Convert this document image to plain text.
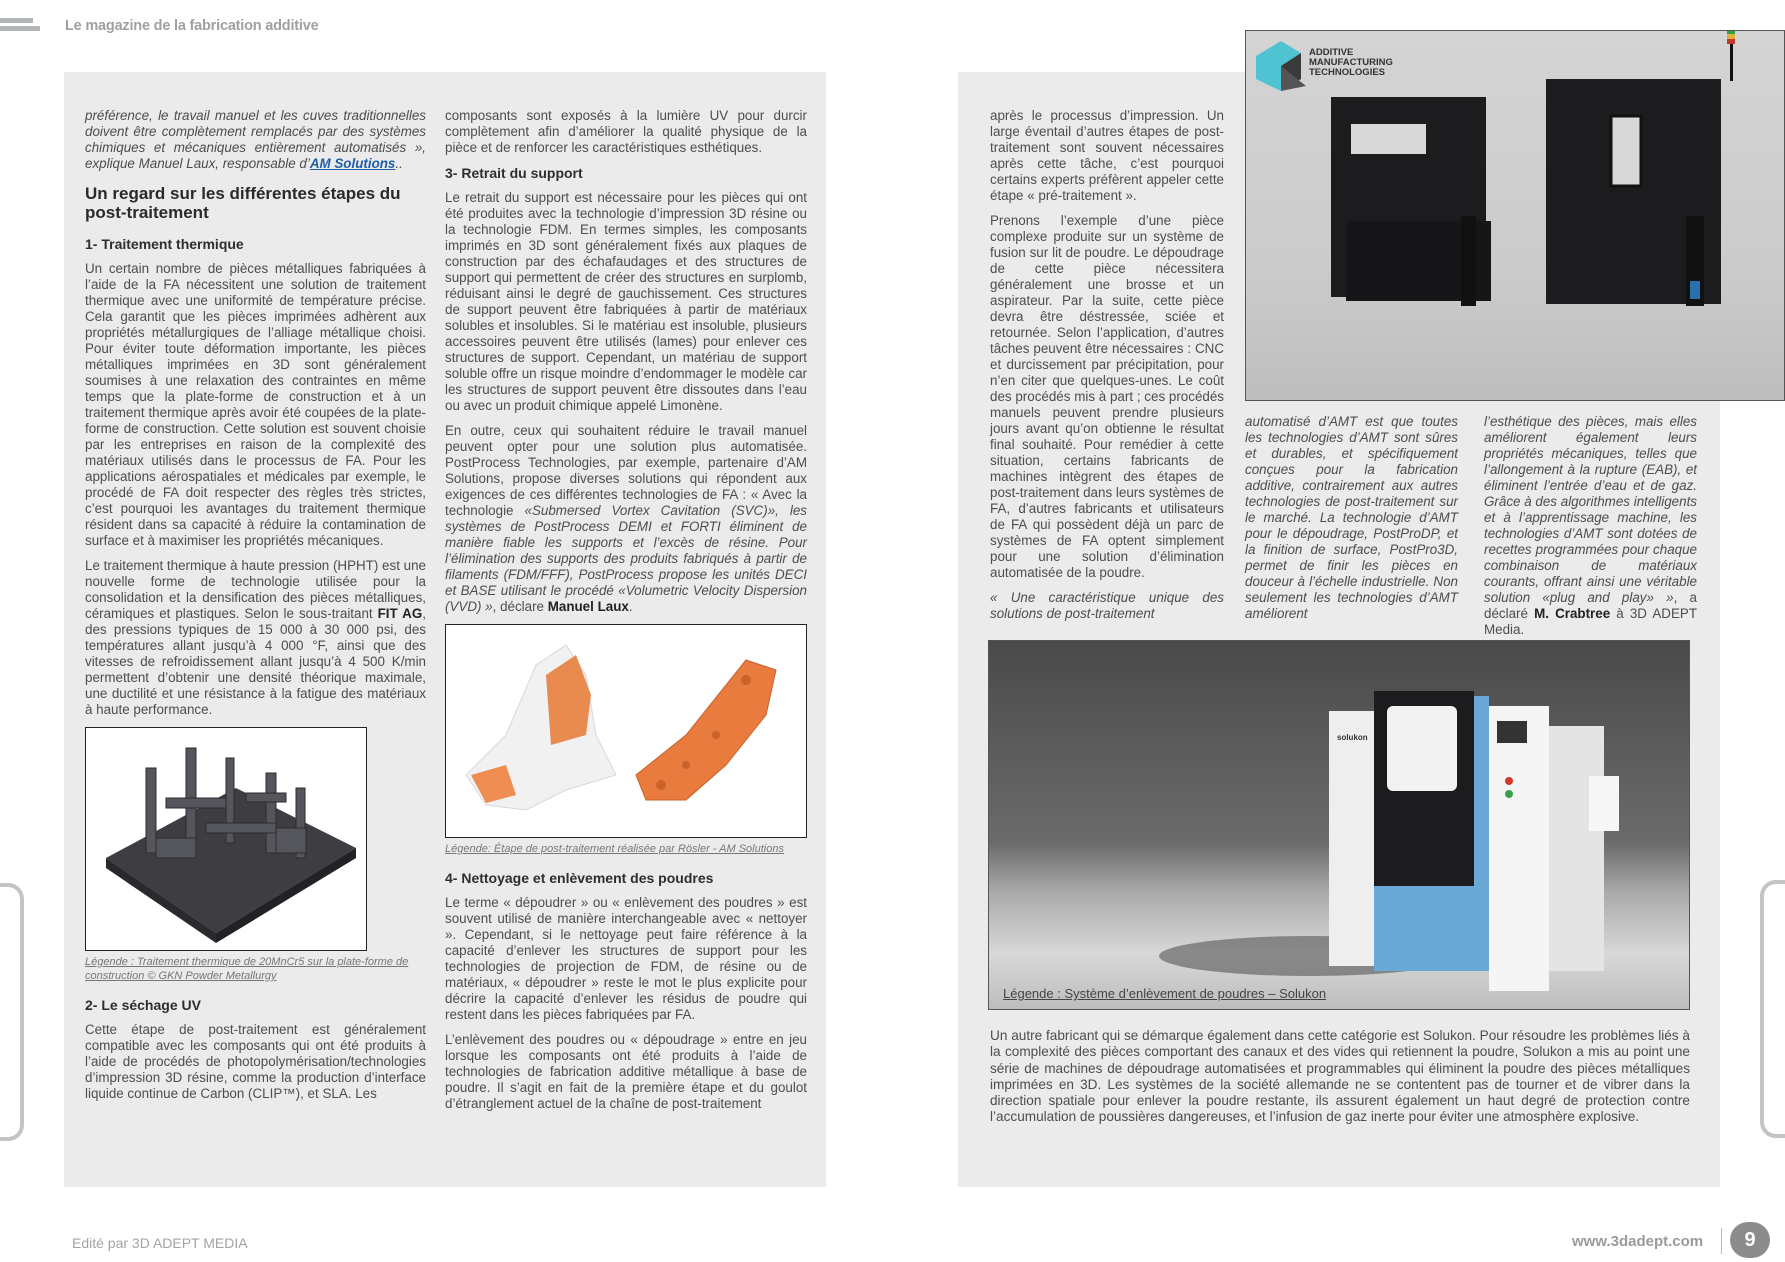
Le magazine de la fabrication additive

préférence, le travail manuel et les cuves traditionnelles doivent être complètement remplacés par des systèmes chimiques et mécaniques entièrement automatisés », explique Manuel Laux, responsable d’AM Solutions..

Un regard sur les différentes étapes du post-traitement
1- Traitement thermique

Un certain nombre de pièces métalliques fabriquées à l’aide de la FA nécessitent une solution de traitement thermique avec une uniformité de température précise. Cela garantit que les pièces imprimées adhèrent aux propriétés métallurgiques de l’alliage métallique choisi. Pour éviter toute déformation importante, les pièces métalliques imprimées en 3D sont généralement soumises à une relaxation des contraintes en même temps que la plate-forme de construction et à un traitement thermique après avoir été coupées de la plate-forme de construction. Cette solution est souvent choisie par les entreprises en raison de la complexité des matériaux utilisés dans le processus de FA. Pour les applications aérospatiales et médicales par exemple, le procédé de FA doit respecter des règles très strictes, c’est pourquoi les avantages du traitement thermique résident dans sa capacité à réduire la contamination de surface et à maximiser les propriétés mécaniques.

Le traitement thermique à haute pression (HPHT) est une nouvelle forme de technologie utilisée pour la consolidation et la densification des pièces métalliques, céramiques et plastiques. Selon le sous-traitant FIT AG, des pressions typiques de 15 000 à 30 000 psi, des températures allant jusqu’à 4 000 °F, ainsi que des vitesses de refroidissement allant jusqu’à 4 500 K/min permettent d’obtenir une densité théorique maximale, une ductilité et une résistance à la fatigue des matériaux à haute performance.

Légende : Traitement thermique de 20MnCr5 sur la plate-forme de construction © GKN Powder Metallurgy
2- Le séchage UV

Cette étape de post-traitement est généralement compatible avec les composants qui ont été produits à l’aide de procédés de photopolymérisation/technologies d’impression 3D résine, comme la production d’interface liquide continue de Carbon (CLIP™), et SLA. Les

composants sont exposés à la lumière UV pour durcir complètement afin d’améliorer la qualité physique de la pièce et de renforcer les caractéristiques esthétiques.

3- Retrait du support

Le retrait du support est nécessaire pour les pièces qui ont été produites avec la technologie d’impression 3D résine ou la technologie FDM. En termes simples, les composants imprimés en 3D sont généralement fixés aux plaques de construction par des échafaudages et des structures de support qui permettent de créer des structures en surplomb, réduisant ainsi le degré de gauchissement. Ces structures de support peuvent être fabriquées à partir de matériaux solubles et insolubles. Si le matériau est insoluble, plusieurs accessoires peuvent être utilisés (lames) pour enlever ces structures de support. Cependant, un matériau de support soluble offre un risque moindre d’endommager le modèle car les structures de support peuvent être dissoutes dans l’eau ou avec un produit chimique appelé Limonène.

En outre, ceux qui souhaitent réduire le travail manuel peuvent opter pour une solution plus automatisée. PostProcess Technologies, par exemple, partenaire d’AM Solutions, propose diverses solutions qui répondent aux exigences de ces différentes technologies de FA : « Avec la technologie «Submersed Vortex Cavitation (SVC)», les systèmes de PostProcess DEMI et FORTI éliminent de manière fiable les supports et l’excès de résine. Pour l’élimination des supports des produits fabriqués à partir de filaments (FDM/FFF), PostProcess propose les unités DECI et BASE utilisant le procédé «Volumetric Velocity Dispersion (VVD) », déclare Manuel Laux.

Légende: Étape de post-traitement réalisée par Rösler - AM Solutions
4- Nettoyage et enlèvement des poudres

Le terme « dépoudrer » ou « enlèvement des poudres » est souvent utilisé de manière interchangeable avec « nettoyer ». Cependant, si le nettoyage peut faire référence à la capacité d’enlever les structures de support pour les technologies de projection de FDM, de résine ou de matériaux, « dépoudrer » reste le mot le plus explicite pour décrire la capacité d’enlever les résidus de poudre qui restent dans les pièces fabriquées par FA.

L’enlèvement des poudres ou « dépoudrage » entre en jeu lorsque les composants ont été produits à l’aide de technologies de fabrication additive métallique à base de poudre. Il s’agit en fait de la première étape et du goulot d’étranglement actuel de la chaîne de post-traitement

ADDITIVE
MANUFACTURING
TECHNOLOGIES

après le processus d’impression. Un large éventail d’autres étapes de post-traitement sont souvent nécessaires après cette tâche, c’est pourquoi certains experts préfèrent appeler cette étape « pré-traitement ».

Prenons l’exemple d’une pièce complexe produite sur un système de fusion sur lit de poudre. Le dépoudrage de cette pièce nécessitera généralement une brosse et un aspirateur. Par la suite, cette pièce devra être déstressée, sciée et retournée. Selon l’application, d’autres tâches peuvent être nécessaires : CNC et durcissement par précipitation, pour n’en citer que quelques-unes. Le coût des procédés mis à part ; ces procédés manuels peuvent prendre plusieurs jours avant qu’on obtienne le résultat final souhaité. Pour remédier à cette situation, certains fabricants de machines intègrent des étapes de post-traitement dans leurs systèmes de FA, d’autres fabricants et utilisateurs de FA qui possèdent déjà un parc de systèmes de FA optent simplement pour une solution d’élimination automatisée de la poudre.

« Une caractéristique unique des solutions de post-traitement

automatisé d’AMT est que toutes les technologies d’AMT sont sûres et durables, et spécifiquement conçues pour la fabrication additive, contrairement aux autres technologies de post-traitement sur le marché. La technologie d’AMT pour le dépoudrage, PostProDP, et la finition de surface, PostPro3D, permet de finir les pièces en douceur à l’échelle industrielle. Non seulement les technologies d’AMT améliorent
l’esthétique des pièces, mais elles améliorent également leurs propriétés mécaniques, telles que l’allongement à la rupture (EAB), et éliminent l’entrée d’eau et de gaz. Grâce à des algorithmes intelligents et à l’apprentissage machine, les technologies d’AMT sont dotées de recettes programmées pour chaque combinaison de matériaux courants, offrant ainsi une véritable solution «plug and play» », a déclaré M. Crabtree à 3D ADEPT Media.
solukon
Légende : Système d’enlèvement de poudres – Solukon

Un autre fabricant qui se démarque également dans cette catégorie est Solukon. Pour résoudre les problèmes liés à la complexité des pièces comportant des canaux et des vides qui retiennent la poudre, Solukon a mis au point une série de machines de dépoudrage automatisées et programmables qui éliminent la poudre des pièces métalliques imprimées en 3D. Les systèmes de la société allemande ne se contentent pas de tourner et de vibrer dans la direction spatiale pour enlever la poudre restante, ils assurent également un haut degré de protection contre l’accumulation de poussières dangereuses, et l’infusion de gaz inerte pour éviter une atmosphère explosive.

Edité par 3D ADEPT MEDIA	www.3dadept.com	9
